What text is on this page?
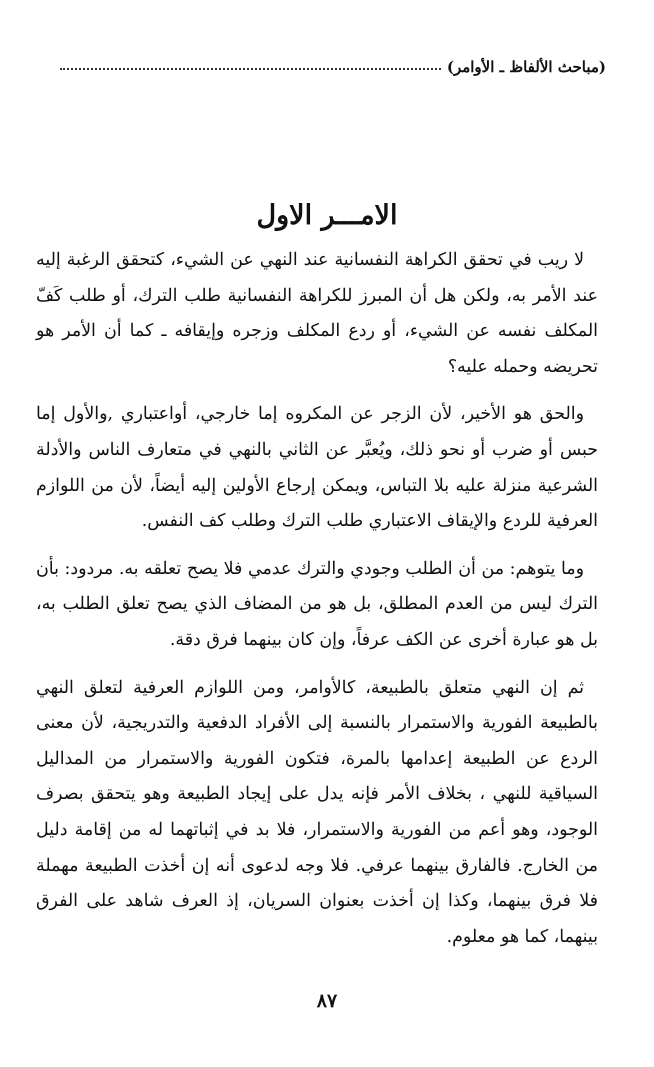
(مباحث الألفاظ ـ الأوامر)
الامـــر الاول

لا ريب في تحقق الكراهة النفسانية عند النهي عن الشيء، كتحقق الرغبة إليه عند الأمر به، ولكن هل أن المبرز للكراهة النفسانية طلب الترك، أو طلب كَفّ المكلف نفسه عن الشيء، أو ردع المكلف وزجره وإيقافه ـ كما أن الأمر هو تحريضه وحمله عليه؟

والحق هو الأخير، لأن الزجر عن المكروه إما خارجي، أواعتباري ,والأول إما حبس أو ضرب أو نحو ذلك، ويُعبَّر عن الثاني بالنهي في متعارف الناس والأدلة الشرعية منزلة عليه بلا التباس، ويمكن إرجاع الأولين إليه أيضاً، لأن من اللوازم العرفية للردع والإيقاف الاعتباري طلب الترك وطلب كف النفس.

وما يتوهم: من أن الطلب وجودي والترك عدمي فلا يصح تعلقه به. مردود: بأن الترك ليس من العدم المطلق، بل هو من المضاف الذي يصح تعلق الطلب به، بل هو عبارة أخرى عن الكف عرفاً، وإن كان بينهما فرق دقة.

ثم إن النهي متعلق بالطبيعة، كالأوامر، ومن اللوازم العرفية لتعلق النهي بالطبيعة الفورية والاستمرار بالنسبة إلى الأفراد الدفعية والتدريجية، لأن معنى الردع عن الطبيعة إعدامها بالمرة، فتكون الفورية والاستمرار من المداليل السياقية للنهي ، بخلاف الأمر فإنه يدل على إيجاد الطبيعة وهو يتحقق بصرف الوجود، وهو أعم من الفورية والاستمرار، فلا بد في إثباتهما له من إقامة دليل من الخارج. فالفارق بينهما عرفي. فلا وجه لدعوى أنه إن أخذت الطبيعة مهملة فلا فرق بينهما، وكذا إن أخذت بعنوان السريان، إذ العرف شاهد على الفرق بينهما، كما هو معلوم.

٨٧
